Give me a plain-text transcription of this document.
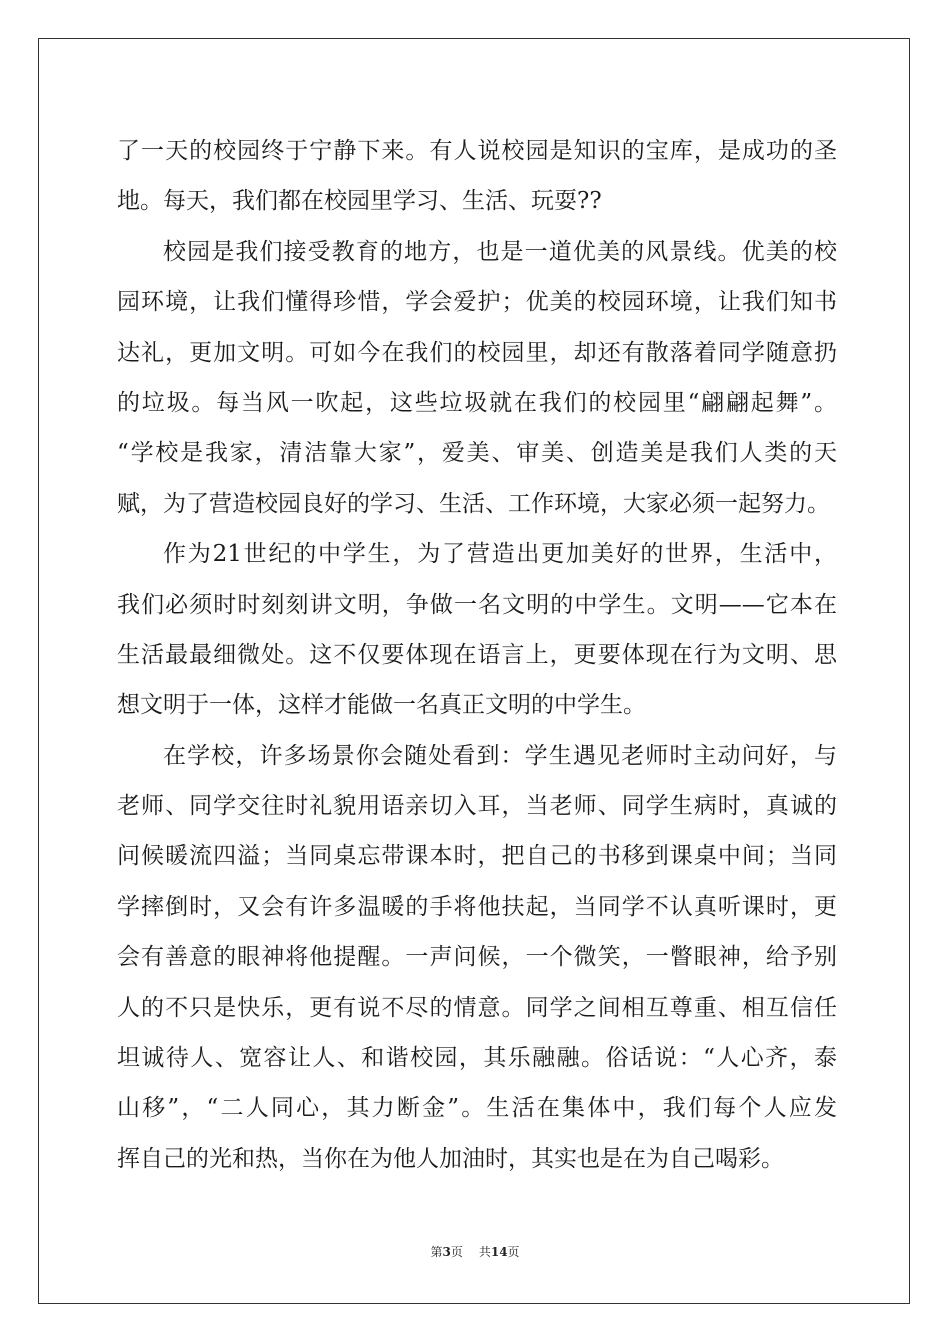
了一天的校园终于宁静下来。有人说校园是知识的宝库，是成功的圣
地。每天，我们都在校园里学习、生活、玩耍??
校园是我们接受教育的地方，也是一道优美的风景线。优美的校
园环境，让我们懂得珍惜，学会爱护；优美的校园环境，让我们知书
达礼，更加文明。可如今在我们的校园里，却还有散落着同学随意扔
的垃圾。每当风一吹起，这些垃圾就在我们的校园里“翩翩起舞”。
“学校是我家，清洁靠大家”，爱美、审美、创造美是我们人类的天
赋，为了营造校园良好的学习、生活、工作环境，大家必须一起努力。
作为21世纪的中学生，为了营造出更加美好的世界，生活中，
我们必须时时刻刻讲文明，争做一名文明的中学生。文明——它本在
生活最最细微处。这不仅要体现在语言上，更要体现在行为文明、思
想文明于一体，这样才能做一名真正文明的中学生。
在学校，许多场景你会随处看到：学生遇见老师时主动问好，与
老师、同学交往时礼貌用语亲切入耳，当老师、同学生病时，真诚的
问候暖流四溢；当同桌忘带课本时，把自己的书移到课桌中间；当同
学摔倒时，又会有许多温暖的手将他扶起，当同学不认真听课时，更
会有善意的眼神将他提醒。一声问候，一个微笑，一瞥眼神，给予别
人的不只是快乐，更有说不尽的情意。同学之间相互尊重、相互信任
坦诚待人、宽容让人、和谐校园，其乐融融。俗话说：“人心齐，泰
山移”，“二人同心，其力断金”。生活在集体中，我们每个人应发
挥自己的光和热，当你在为他人加油时，其实也是在为自己喝彩。
第3页 共14页
